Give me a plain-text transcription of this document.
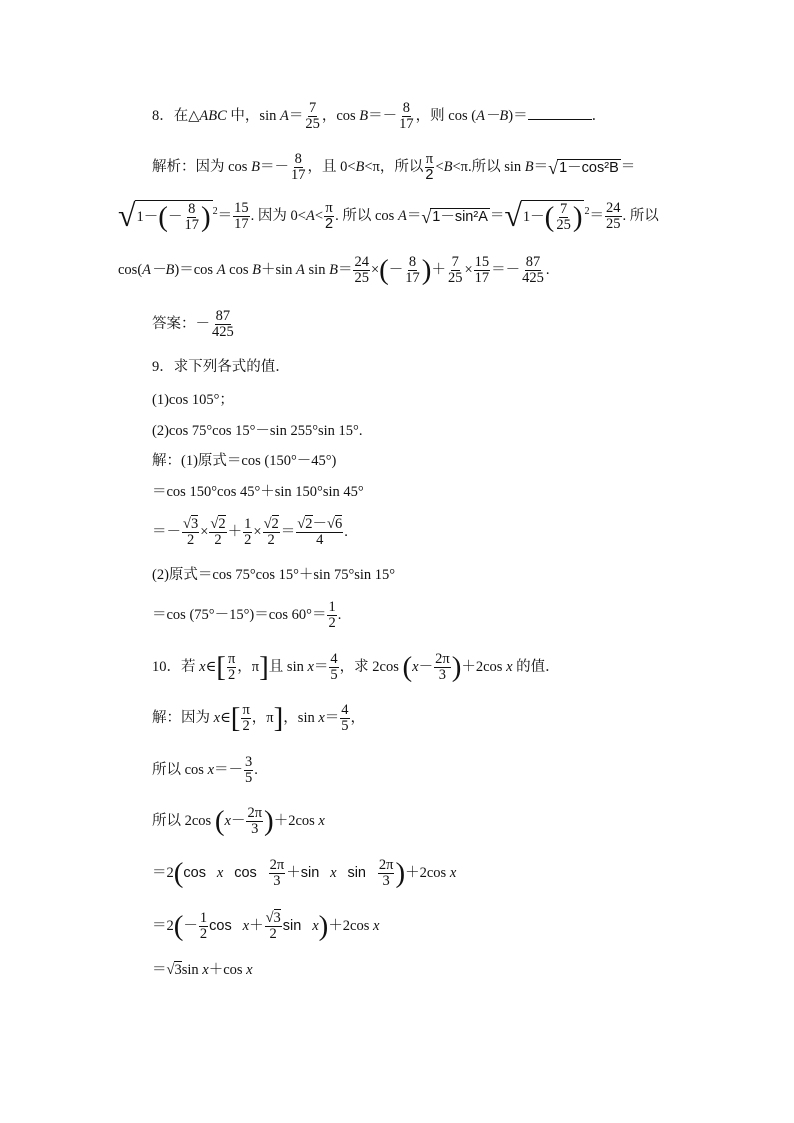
8．在△ABC 中，$\sin A= \frac{7}{25}$ ，$\cos B=- \frac{8}{17}$ ，则 cos (A－B)＝	．
解析：因为 $\cos B=- \frac{8}{17}$ ，且 0<B<π，所以 $\frac{\pi}{2} <B<\pi$.所以 sin B＝ √ 1－cos²B ＝
√ 1－ ( － $\frac{8}{17}$ ) $^2= \frac{15}{17}$ . 因为 $0<A< \frac{\pi}{2}$ . 所以 cos A＝ √ 1－sin²A ＝ √ 1－ ( $\frac{7}{25}$ ) $^2= \frac{24}{25}$ . 所以
cos(A－B)＝cos A cos B＋sin A $\sin B= \frac{24}{25}$ ×(－ $\frac{8}{17}$ )＋ $\frac{7}{25} \times \frac{15}{17} =- \frac{87}{425}$ .
答案：－ $\frac{87}{425}$
9．求下列各式的值．
(1)cos 105°；
(2)cos 75°cos 15°－sin 255°sin 15°.
解：(1)原式＝cos (150°－45°)
＝cos 150°cos 45°＋sin 150°sin 45°
＝－ $\frac{√3}{2} \times \frac{√2}{2} + \frac{1}{2} \times \frac{√2}{2} = \frac{√2-√6}{4}$ .
(2)原式＝cos 75°cos 15°＋sin 75°sin 15°
＝cos (75°－15°)＝cos $60^\circ= \frac{1}{2}$ .
10．若 x∈[ $\frac{\pi}{2}$ ，π]且 $\sin x= \frac{4}{5}$ ，求 2cos $(x- \frac{2\pi}{3} )+2\cos$ x 的值．
解：因为 x∈[ $\frac{\pi}{2}$ ，π]，$\sin x= \frac{4}{5}$ ，
所以 $\cos x=- \frac{3}{5}$ .
所以 2cos $(x- \frac{2\pi}{3} )+2\cos$ x
＝2(cos x $\cos \frac{2\pi}{3} +\sin$ x $\sin \frac{2\pi}{3} )+2\cos$ x
$=2(- \frac{1}{2}$ $\cos x+ \frac{√3}{2}$ sin x)＋2cos x
＝√3sin x＋cos x
